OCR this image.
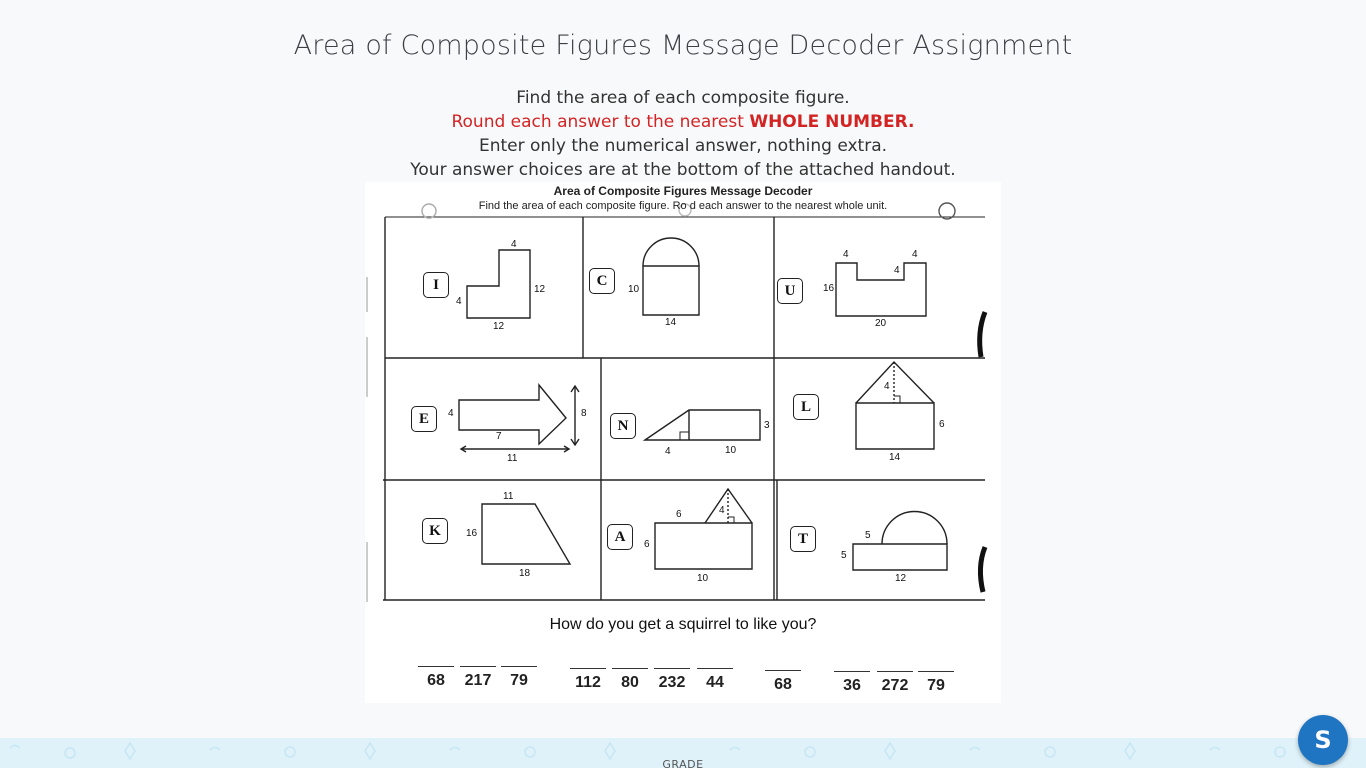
Area of Composite Figures Message Decoder Assignment
Find the area of each composite figure.
Round each answer to the nearest WHOLE NUMBER.
Enter only the numerical answer, nothing extra.
Your answer choices are at the bottom of the attached handout.
Area of Composite Figures Message Decoder
Find the area of each composite figure. Ro d each answer to the nearest whole unit.
I	C
U
E	N
L
K	A	T
4
12
4
12
10
14
4	4
4
16
20
4	8
7
11
3
4	10
4
6
14
11
16
18
6	4
6
10
5
5
12
How do you get a squirrel to like you?
68	217	79	112	80	232	44	68	36	272	79
GRADE
S
